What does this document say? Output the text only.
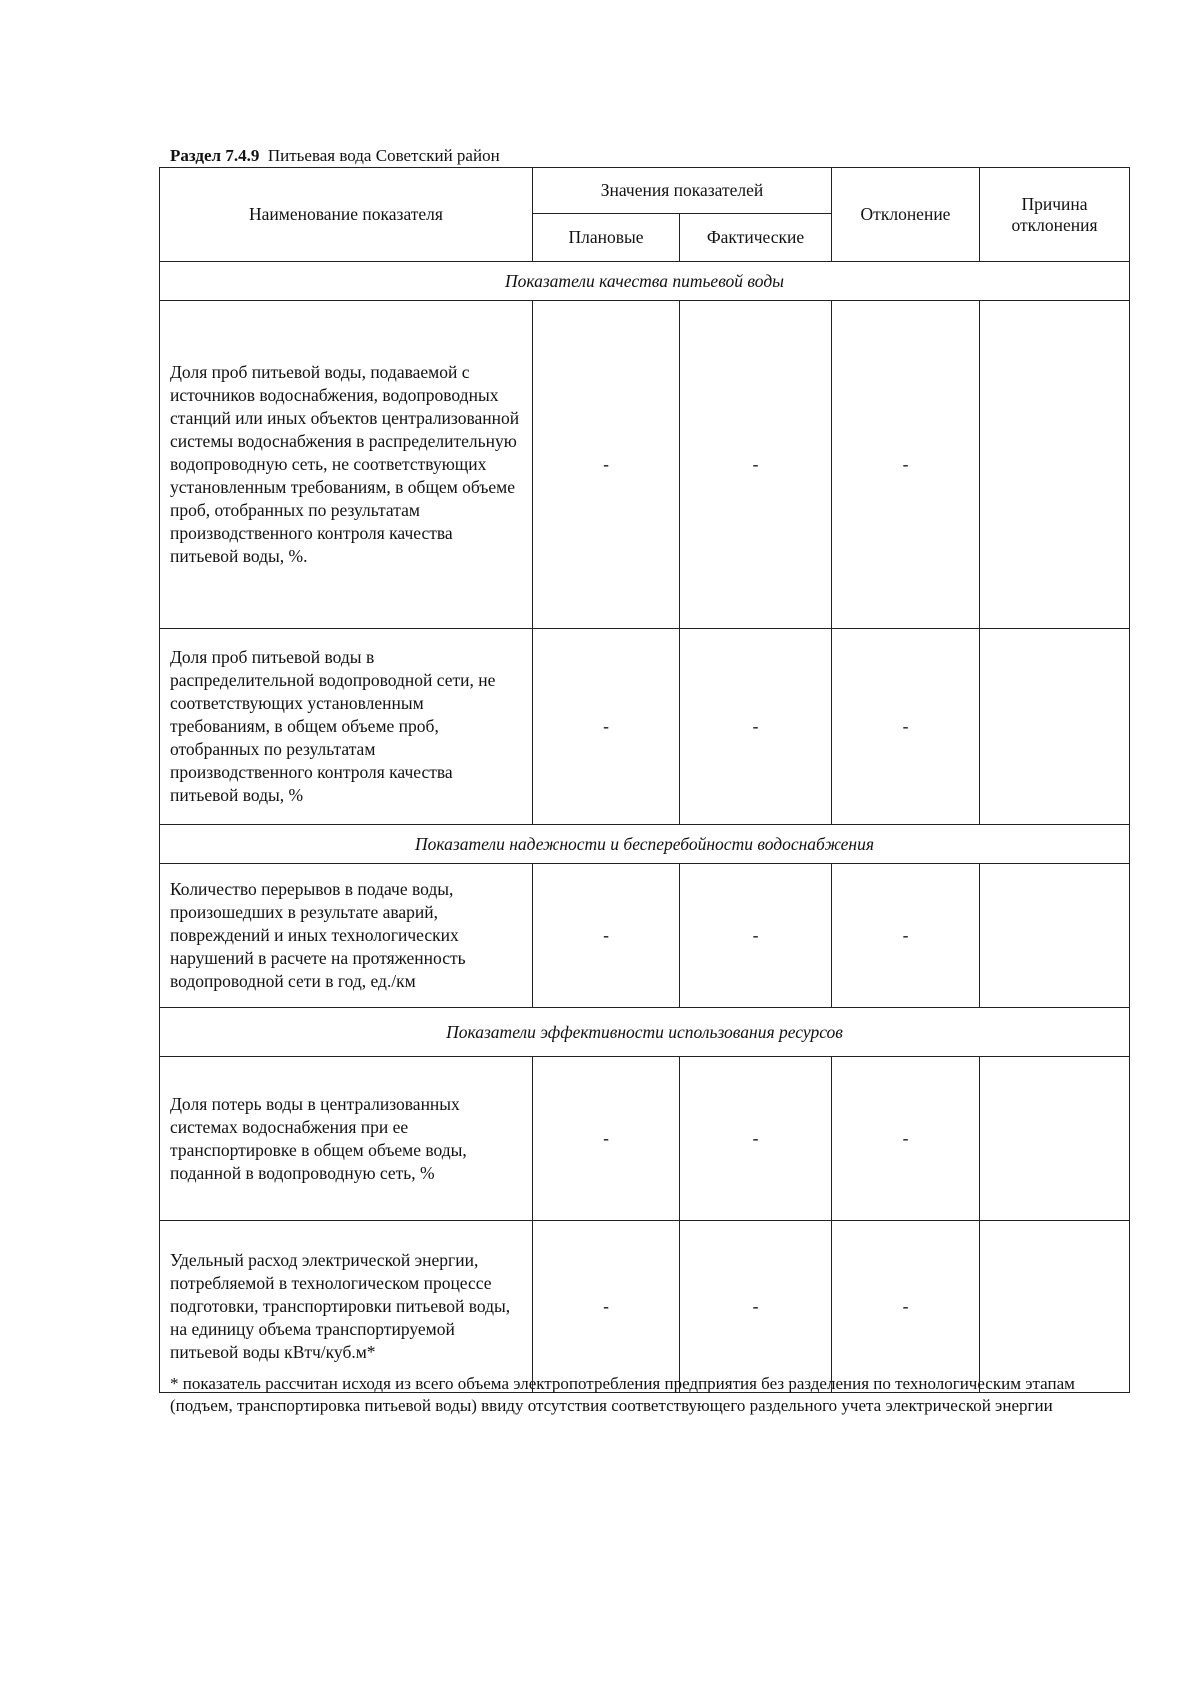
Раздел 7.4.9 Питьевая вода Советский район
Наименование показателя	Значения показателей		Отклонение	Причина отклонения
	Плановые	Фактические		
Показатели качества питьевой воды				
Доля проб питьевой воды, подаваемой с источников водоснабжения, водопроводных станций или иных объектов централизованной системы водоснабжения в распределительную водопроводную сеть, не соответствующих установленным требованиям, в общем объеме проб, отобранных по результатам производственного контроля качества питьевой воды, %.	-	-	-	
Доля проб питьевой воды в распределительной водопроводной сети, не соответствующих установленным требованиям, в общем объеме проб, отобранных по результатам производственного контроля качества питьевой воды, %	-	-	-	
Показатели надежности и бесперебойности водоснабжения				
Количество перерывов в подаче воды, произошедших в результате аварий, повреждений и иных технологических нарушений в расчете на протяженность водопроводной сети в год, ед./км	-	-	-	
Показатели эффективности использования ресурсов				
Доля потерь воды в централизованных системах водоснабжения при ее транспортировке в общем объеме воды, поданной в водопроводную сеть, %	-	-	-	
Удельный расход электрической энергии, потребляемой в технологическом процессе подготовки, транспортировки питьевой воды, на единицу объема транспортируемой питьевой воды кВтч/куб.м*	-	-	-	
* показатель рассчитан исходя из всего объема электропотребления предприятия без разделения по технологическим этапам (подъем, транспортировка питьевой воды) ввиду отсутствия соответствующего раздельного учета электрической энергии
